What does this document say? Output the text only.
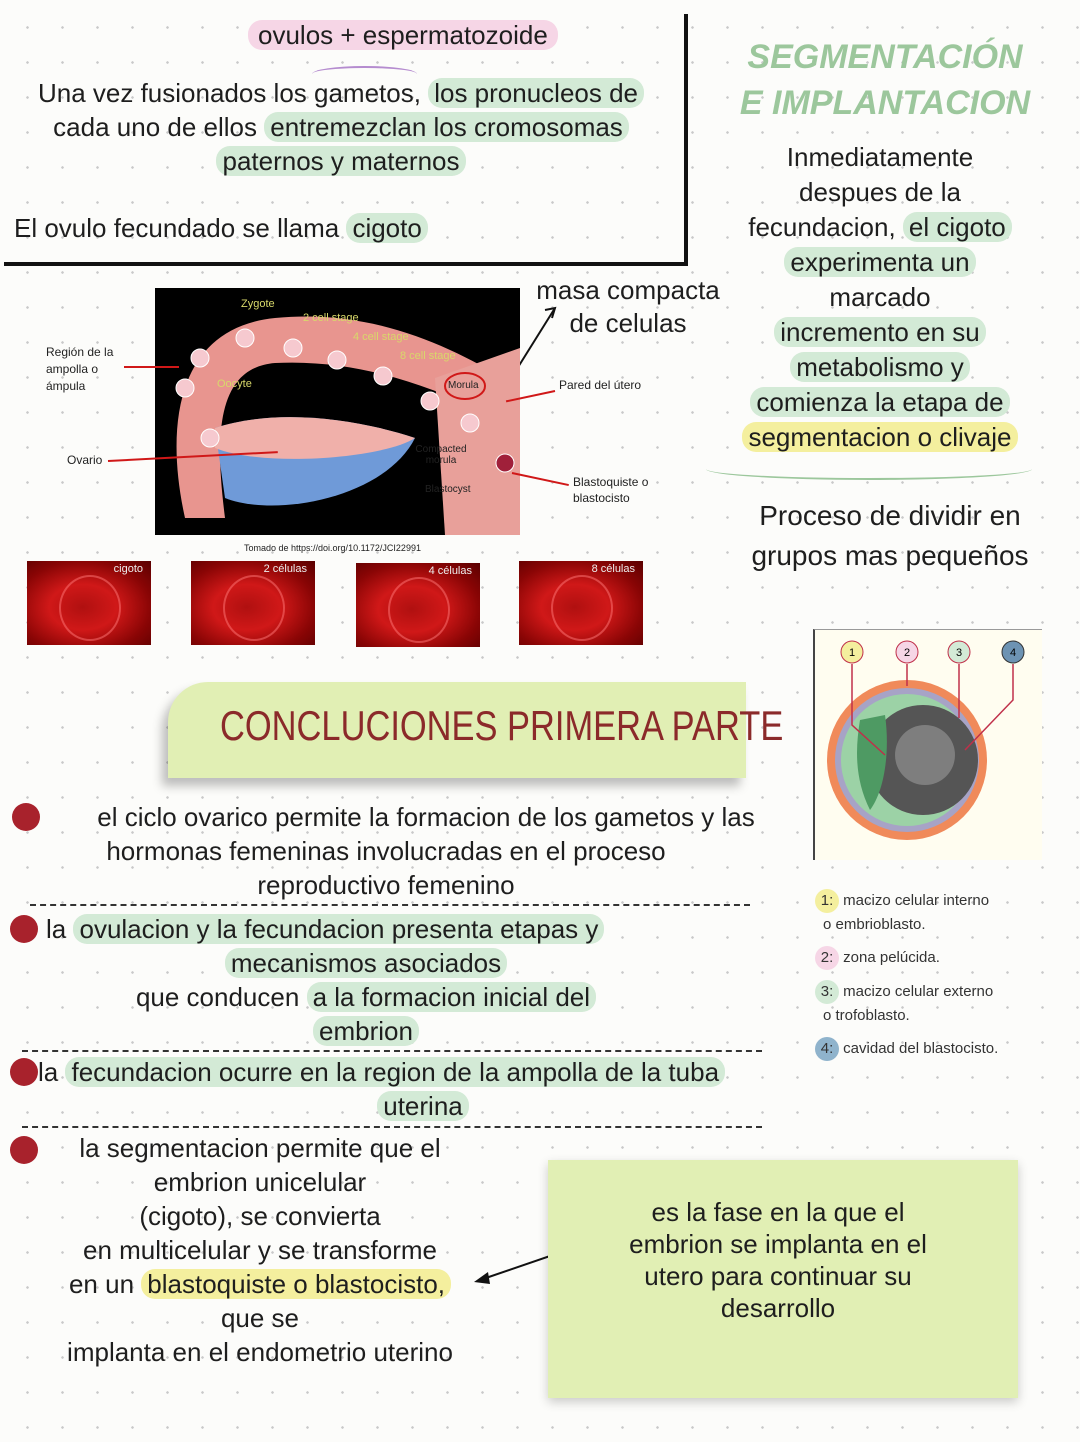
ovulos + espermatozoide
Una vez fusionados los gametos, los pronucleos de
cada uno de ellos entremezclan los cromosomas
paternos y maternos
El ovulo fecundado se llama cigoto
SEGMENTACIÓN E IMPLANTACION
Inmediatamente
despues de la
fecundacion, el cigoto
experimenta un
marcado
incremento en su
metabolismo y
comienza la etapa de
segmentacion o clivaje
Proceso de dividir en
grupos mas pequeños
masa compacta de celulas
Zygote
2 cell stage
4 cell stage
8 cell stage
Oocyte	Morula
Compacted morula
Blastocyst
Región de la ampolla o ámpula
Ovario
Pared del útero
Blastoquiste o blastocisto
Tomado de https://doi.org/10.1172/JCI22991
cigoto	2 células	4 células	8 células
1	2	3	4
1: macizo celular interno
o embrioblasto.
2: zona pelúcida.
3: macizo celular externo
o trofoblasto.
4: cavidad del blastocisto.
CONCLUCIONES PRIMERA PARTE
el ciclo ovarico permite la formacion de los gametos y las
hormonas femeninas involucradas en el proceso
reproductivo femenino
la ovulacion y la fecundacion presenta etapas y
mecanismos asociados
que conducen a la formacion inicial del
embrion
la fecundacion ocurre en la region de la ampolla de la tuba
uterina
la segmentacion permite que el
embrion unicelular
(cigoto), se convierta
en multicelular y se transforme
en un blastoquiste o blastocisto,
que se
implanta en el endometrio uterino
es la fase en la que el embrion se implanta en el utero para continuar su desarrollo
